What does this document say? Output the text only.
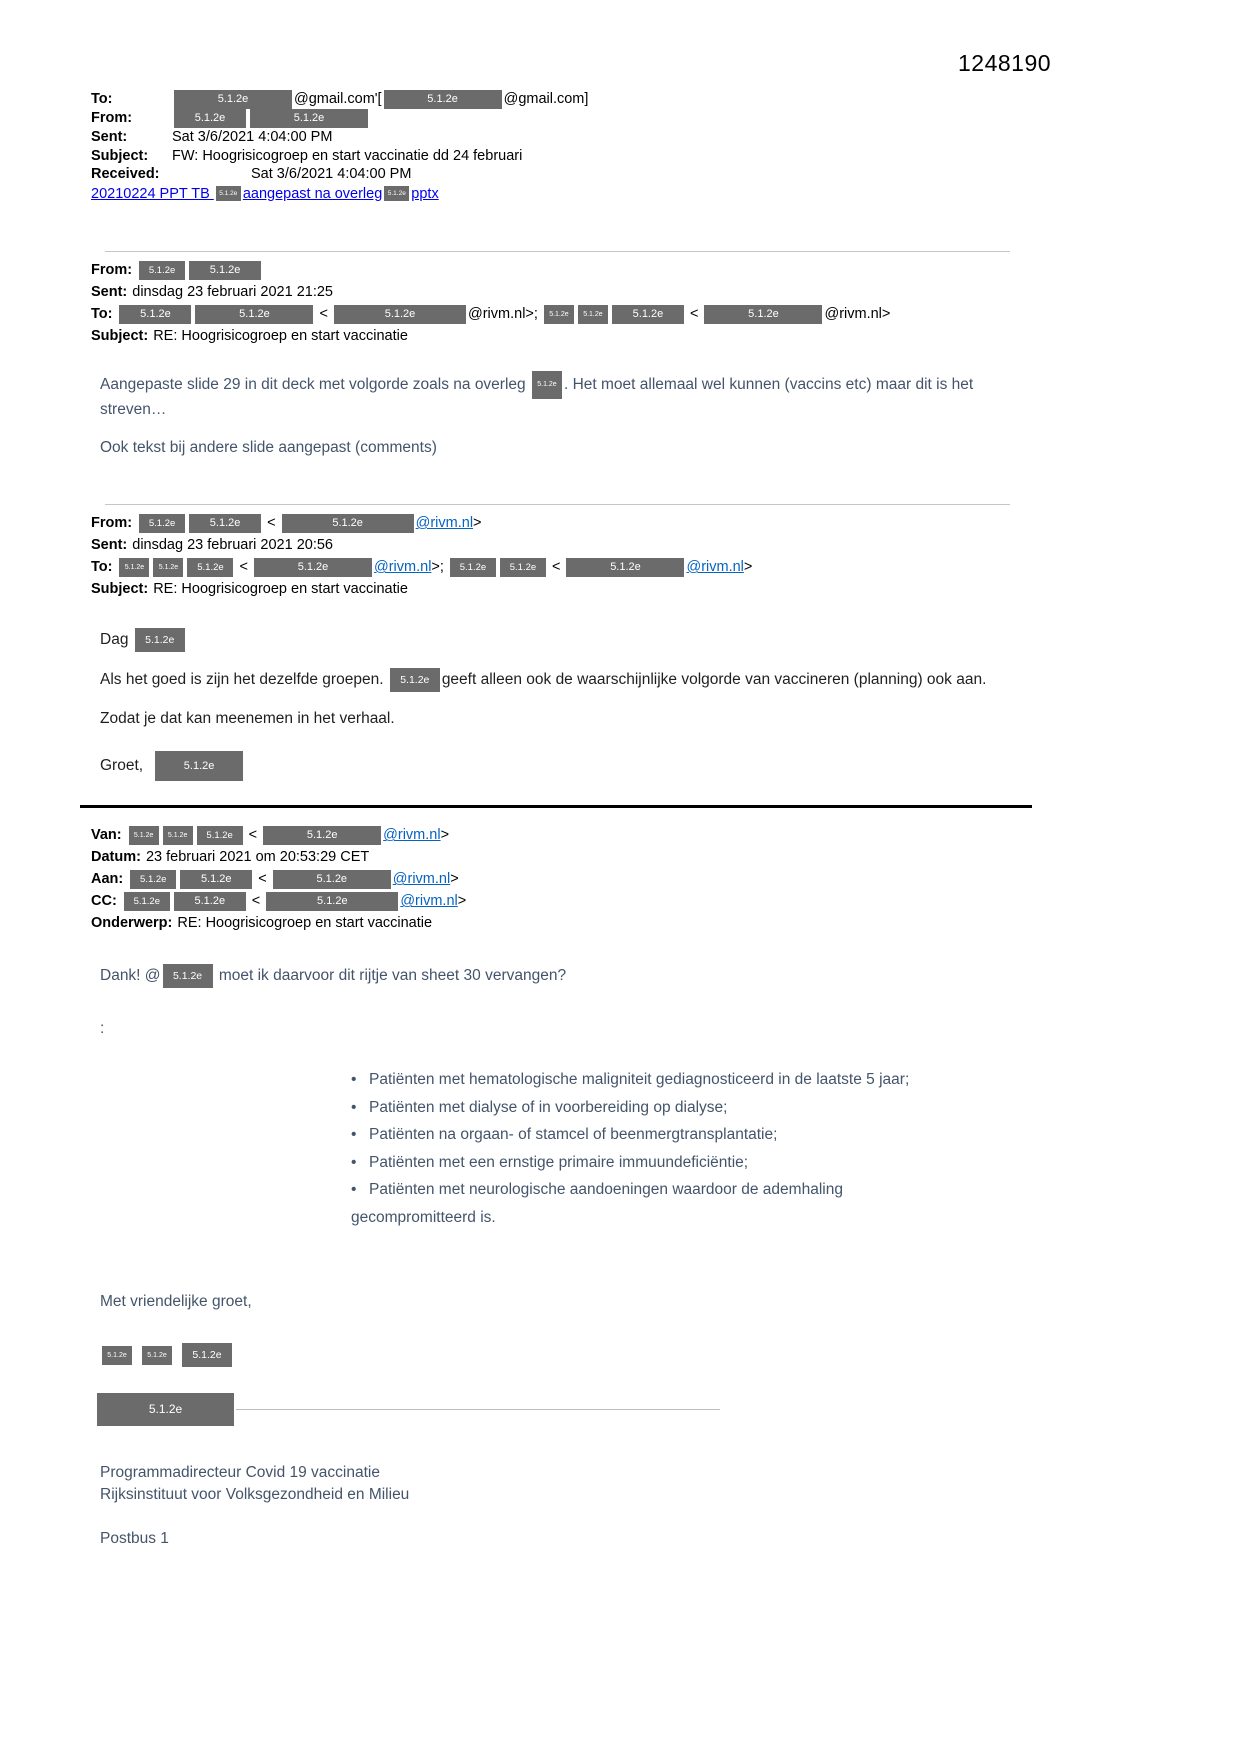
1248190
To:	5.1.2e	@gmail.com'[	5.1.2e	@gmail.com]
From:	5.1.2e	5.1.2e
Sent:	Sat 3/6/2021 4:04:00 PM
Subject: FW: Hoogrisicogroep en start vaccinatie dd 24 februari
Received:	Sat 3/6/2021 4:04:00 PM
20210224 PPT TB 5.1.2e aangepast na overleg 5.1.2e pptx
From: 5.1.2e	5.1.2e
Sent: dinsdag 23 februari 2021 21:25
To:	5.1.2e	5.1.2e	<	5.1.2e	@rivm.nl>; 5.1.2e 5.1.2e	5.1.2e <	5.1.2e	@rivm.nl>
Subject: RE: Hoogrisicogroep en start vaccinatie

Aangepaste slide 29 in dit deck met volgorde zoals na overleg 5.1.2e . Het moet allemaal wel kunnen (vaccins etc) maar dit is het streven…

Ook tekst bij andere slide aangepast (comments)

From: 5.1.2e	5.1.2e <	5.1.2e	@rivm.nl>
Sent: dinsdag 23 februari 2021 20:56
To: 5.1.2e 5.1.2e 5.1.2e <	5.1.2e	@rivm.nl>; 5.1.2e 5.1.2e <	5.1.2e	@rivm.nl>
Subject: RE: Hoogrisicogroep en start vaccinatie

Dag 5.1.2e

Als het goed is zijn het dezelfde groepen. 5.1.2e geeft alleen ook de waarschijnlijke volgorde van vaccineren (planning) ook aan.

Zodat je dat kan meenemen in het verhaal.

Groet,	5.1.2e

Van: 5.1.2e 5.1.2e 5.1.2e <	5.1.2e	@rivm.nl>
Datum: 23 februari 2021 om 20:53:29 CET
Aan: 5.1.2e	5.1.2e <	5.1.2e	@rivm.nl>
CC: 5.1.2e	5.1.2e <	5.1.2e	@rivm.nl>
Onderwerp: RE: Hoogrisicogroep en start vaccinatie

Dank! @ 5.1.2e moet ik daarvoor dit rijtje van sheet 30 vervangen?

:

• Patiënten met hematologische maligniteit gediagnosticeerd in de laatste 5 jaar;
• Patiënten met dialyse of in voorbereiding op dialyse;
• Patiënten na orgaan- of stamcel of beenmergtransplantatie;
• Patiënten met een ernstige primaire immuundeficiëntie;
• Patiënten met neurologische aandoeningen waardoor de ademhaling
gecompromitteerd is.

Met vriendelijke groet,

5.1.2e	5.1.2e 5.1.2e
5.1.2e
Programmadirecteur Covid 19 vaccinatie
Rijksinstituut voor Volksgezondheid en Milieu

Postbus 1
